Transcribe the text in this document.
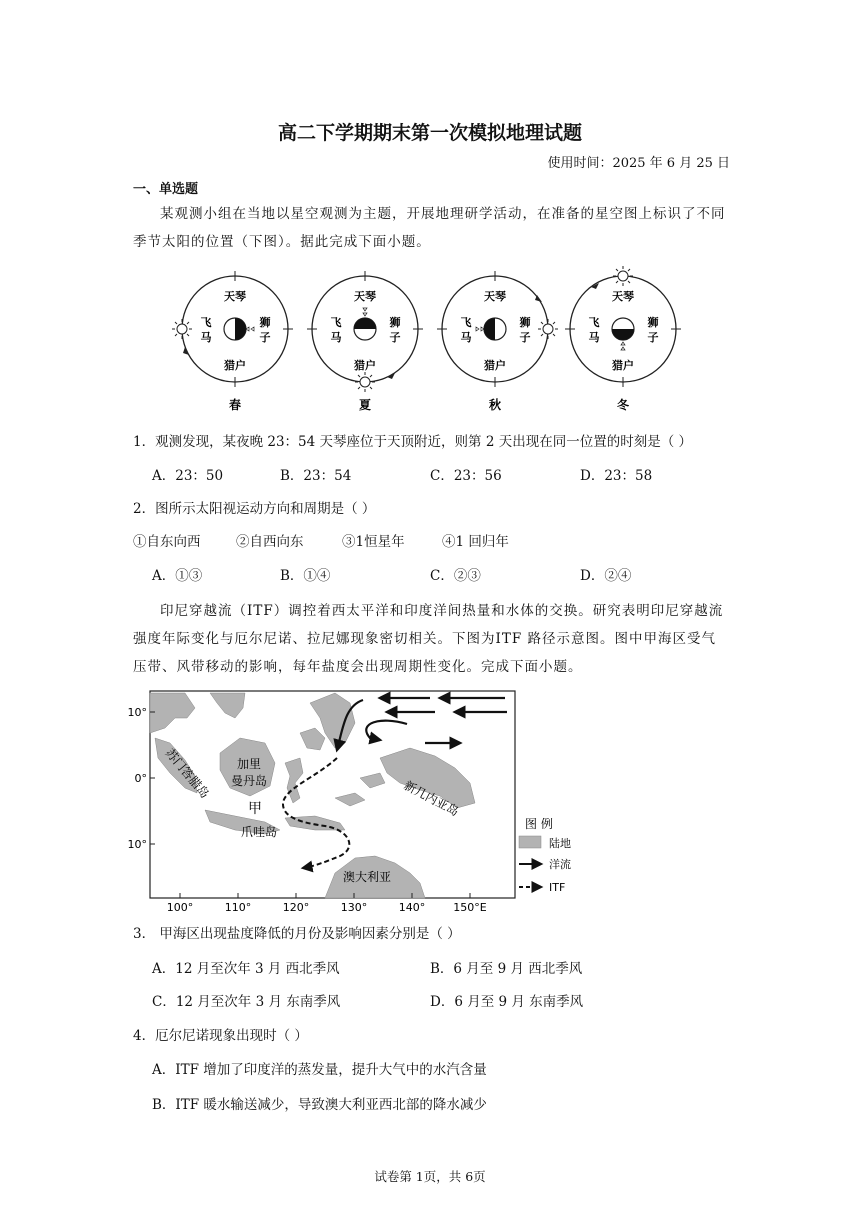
高二下学期期末第一次模拟地理试题
使用时间：2025 年 6 月 25 日
一、单选题
某观测小组在当地以星空观测为主题，开展地理研学活动，在准备的星空图上标识了不同季节太阳的位置（下图）。据此完成下面小题。
天琴
猎户
飞
马
狮
子
天琴
猎户
飞
马
狮
子
天琴
猎户
飞
马
狮
子
天琴
猎户
飞
马
狮
子
春	夏	秋	冬
1．观测发现，某夜晚 23：54 天琴座位于天顶附近，则第 2 天出现在同一位置的时刻是（ ）
A．23：50	B．23：54	C．23：56	D．23：58
2．图所示太阳视运动方向和周期是（ ）
①自东向西	②自西向东	③1恒星年	④1 回归年
A．①③	B．①④	C．②③	D．②④
印尼穿越流（ITF）调控着西太平洋和印度洋间热量和水体的交换。研究表明印尼穿越流强度年际变化与厄尔尼诺、拉尼娜现象密切相关。下图为ITF 路径示意图。图中甲海区受气压带、风带移动的影响，每年盐度会出现周期性变化。完成下面小题。
10°
0°
10°
100°	110°	120°	130°	140°	150°E
苏门答腊岛 加里
曼丹岛
甲
爪哇岛
新几内亚岛
澳大利亚
图 例
陆地
洋流
ITF
3． 甲海区出现盐度降低的月份及影响因素分别是（ ）
A．12 月至次年 3 月 西北季风	B．6 月至 9 月 西北季风
C．12 月至次年 3 月 东南季风	D．6 月至 9 月 东南季风
4．厄尔尼诺现象出现时（ ）
A．ITF 增加了印度洋的蒸发量，提升大气中的水汽含量
B．ITF 暖水输送减少，导致澳大利亚西北部的降水减少
试卷第 1页，共 6页
